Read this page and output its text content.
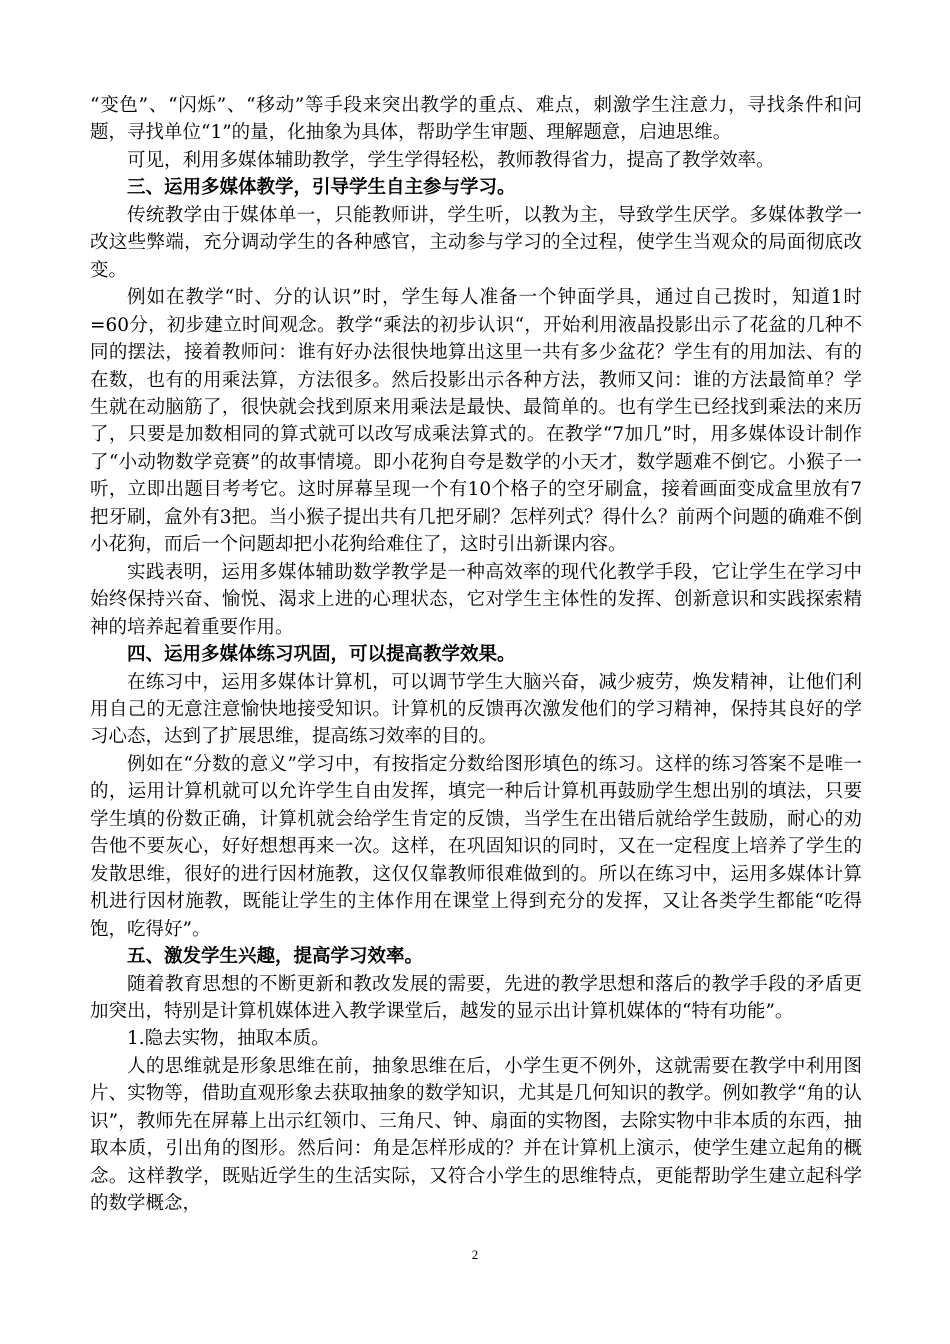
“变色”、“闪烁”、“移动”等手段来突出教学的重点、难点，刺激学生注意力，寻找条件和问题，寻找单位“1”的量，化抽象为具体，帮助学生审题、理解题意，启迪思维。

可见，利用多媒体辅助教学，学生学得轻松，教师教得省力，提高了教学效率。

三、运用多媒体教学，引导学生自主参与学习。

传统教学由于媒体单一，只能教师讲，学生听，以教为主，导致学生厌学。多媒体教学一改这些弊端，充分调动学生的各种感官，主动参与学习的全过程，使学生当观众的局面彻底改变。

例如在教学“时、分的认识”时，学生每人准备一个钟面学具，通过自己拨时，知道1时=60分，初步建立时间观念。教学“乘法的初步认识“，开始利用液晶投影出示了花盆的几种不同的摆法，接着教师问：谁有好办法很快地算出这里一共有多少盆花？学生有的用加法、有的在数，也有的用乘法算，方法很多。然后投影出示各种方法，教师又问：谁的方法最简单？学生就在动脑筋了，很快就会找到原来用乘法是最快、最简单的。也有学生已经找到乘法的来历了，只要是加数相同的算式就可以改写成乘法算式的。在教学“7加几”时，用多媒体设计制作了“小动物数学竞赛”的故事情境。即小花狗自夸是数学的小天才，数学题难不倒它。小猴子一听，立即出题目考考它。这时屏幕呈现一个有10个格子的空牙刷盒，接着画面变成盒里放有7把牙刷，盒外有3把。当小猴子提出共有几把牙刷？怎样列式？得什么？前两个问题的确难不倒小花狗，而后一个问题却把小花狗给难住了，这时引出新课内容。

实践表明，运用多媒体辅助数学教学是一种高效率的现代化教学手段，它让学生在学习中始终保持兴奋、愉悦、渴求上进的心理状态，它对学生主体性的发挥、创新意识和实践探索精神的培养起着重要作用。

四、运用多媒体练习巩固，可以提高教学效果。

在练习中，运用多媒体计算机，可以调节学生大脑兴奋，减少疲劳，焕发精神，让他们利用自己的无意注意愉快地接受知识。计算机的反馈再次激发他们的学习精神，保持其良好的学习心态，达到了扩展思维，提高练习效率的目的。

例如在“分数的意义”学习中，有按指定分数给图形填色的练习。这样的练习答案不是唯一的，运用计算机就可以允许学生自由发挥，填完一种后计算机再鼓励学生想出别的填法，只要学生填的份数正确，计算机就会给学生肯定的反馈，当学生在出错后就给学生鼓励，耐心的劝告他不要灰心，好好想想再来一次。这样，在巩固知识的同时，又在一定程度上培养了学生的发散思维，很好的进行因材施教，这仅仅靠教师很难做到的。所以在练习中，运用多媒体计算机进行因材施教，既能让学生的主体作用在课堂上得到充分的发挥，又让各类学生都能“吃得饱，吃得好”。

五、激发学生兴趣，提高学习效率。

随着教育思想的不断更新和教改发展的需要，先进的教学思想和落后的教学手段的矛盾更加突出，特别是计算机媒体进入教学课堂后，越发的显示出计算机媒体的“特有功能”。

1.隐去实物，抽取本质。

人的思维就是形象思维在前，抽象思维在后，小学生更不例外，这就需要在教学中利用图片、实物等，借助直观形象去获取抽象的数学知识，尤其是几何知识的教学。例如教学“角的认识”，教师先在屏幕上出示红领巾、三角尺、钟、扇面的实物图，去除实物中非本质的东西，抽取本质，引出角的图形。然后问：角是怎样形成的？并在计算机上演示，使学生建立起角的概念。这样教学，既贴近学生的生活实际，又符合小学生的思维特点，更能帮助学生建立起科学的数学概念，

2
